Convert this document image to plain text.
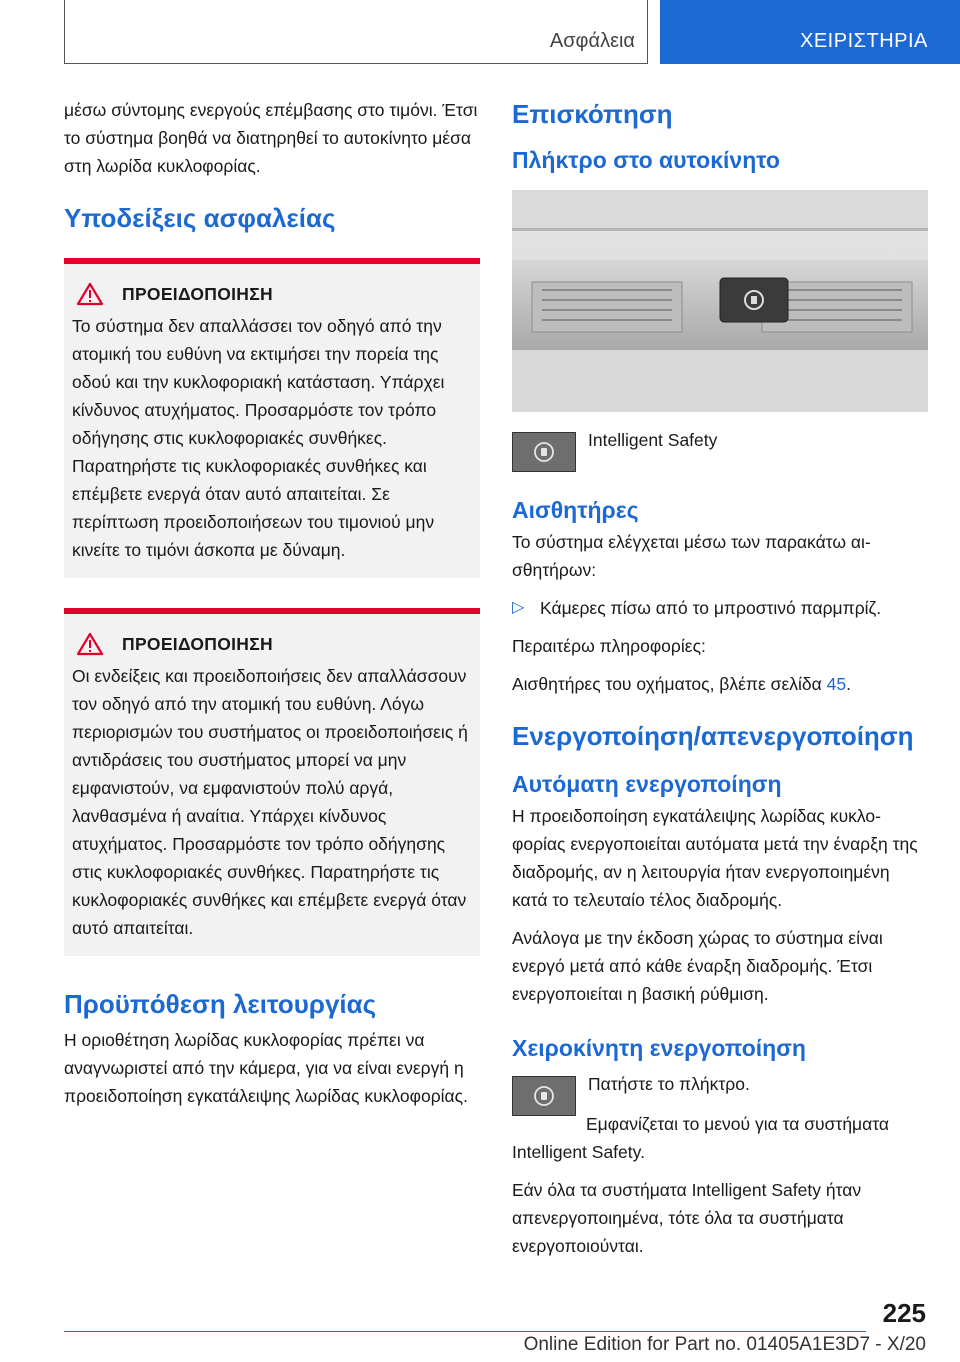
Ασφάλεια	ΧΕΙΡΙΣΤΗΡΙΑ

μέσω σύντομης ενεργούς επέμβασης στο τιμόνι. Έτσι το σύστημα βοηθά να διατηρηθεί το αυτοκίνητο μέσα στη λωρίδα κυκλοφορίας.

Υποδείξεις ασφαλείας
ΠΡΟΕΙΔΟΠΟΙΗΣΗ

Το σύστημα δεν απαλλάσσει τον οδηγό από την ατομική του ευθύνη να εκτιμήσει την πορεία της οδού και την κυκλοφοριακή κατάσταση. Υπάρχει κίνδυνος ατυχήματος. Προσαρμόστε τον τρόπο οδήγησης στις κυκλοφοριακές συνθήκες. Παρατηρήστε τις κυκλοφοριακές συνθήκες και επέμβετε ενεργά όταν αυτό απαιτείται. Σε περίπτωση προειδοποιήσεων του τιμονιού μην κινείτε το τιμόνι άσκοπα με δύναμη.

ΠΡΟΕΙΔΟΠΟΙΗΣΗ

Οι ενδείξεις και προειδοποιήσεις δεν απαλλάσσουν τον οδηγό από την ατομική του ευθύνη. Λόγω περιορισμών του συστήματος οι προειδοποιήσεις ή αντιδράσεις του συστήματος μπορεί να μην εμφανιστούν, να εμφανιστούν πολύ αργά, λανθασμένα ή αναίτια. Υπάρχει κίνδυνος ατυχήματος. Προσαρμόστε τον τρόπο οδήγησης στις κυκλοφοριακές συνθήκες. Παρατηρήστε τις κυκλοφοριακές συνθήκες και επέμβετε ενεργά όταν αυτό απαιτείται.

Προϋπόθεση λειτουργίας

Η οριοθέτηση λωρίδας κυκλοφορίας πρέπει να αναγνωριστεί από την κάμερα, για να είναι ενεργή η προειδοποίηση εγκατάλειψης λωρίδας κυκλοφορίας.

Επισκόπηση
Πλήκτρο στο αυτοκίνητο

Intelligent Safety

Αισθητήρες

Το σύστημα ελέγχεται μέσω των παρακάτω αισθητήρων:

▷ Κάμερες πίσω από το μπροστινό παρμπρίζ.

Περαιτέρω πληροφορίες:

Αισθητήρες του οχήματος, βλέπε σελίδα 45.

Ενεργοποίηση/απενεργοποίηση
Αυτόματη ενεργοποίηση

Η προειδοποίηση εγκατάλειψης λωρίδας κυκλοφορίας ενεργοποιείται αυτόματα μετά την έναρξη της διαδρομής, αν η λειτουργία ήταν ενεργοποιημένη κατά το τελευταίο τέλος διαδρομής.

Ανάλογα με την έκδοση χώρας το σύστημα είναι ενεργό μετά από κάθε έναρξη διαδρομής. Έτσι ενεργοποιείται η βασική ρύθμιση.

Χειροκίνητη ενεργοποίηση

Πατήστε το πλήκτρο.

Εμφανίζεται το μενού για τα συστήματα Intelligent Safety.

Εάν όλα τα συστήματα Intelligent Safety ήταν απενεργοποιημένα, τότε όλα τα συστήματα ενεργοποιούνται.

225
Online Edition for Part no. 01405A1E3D7 - X/20
